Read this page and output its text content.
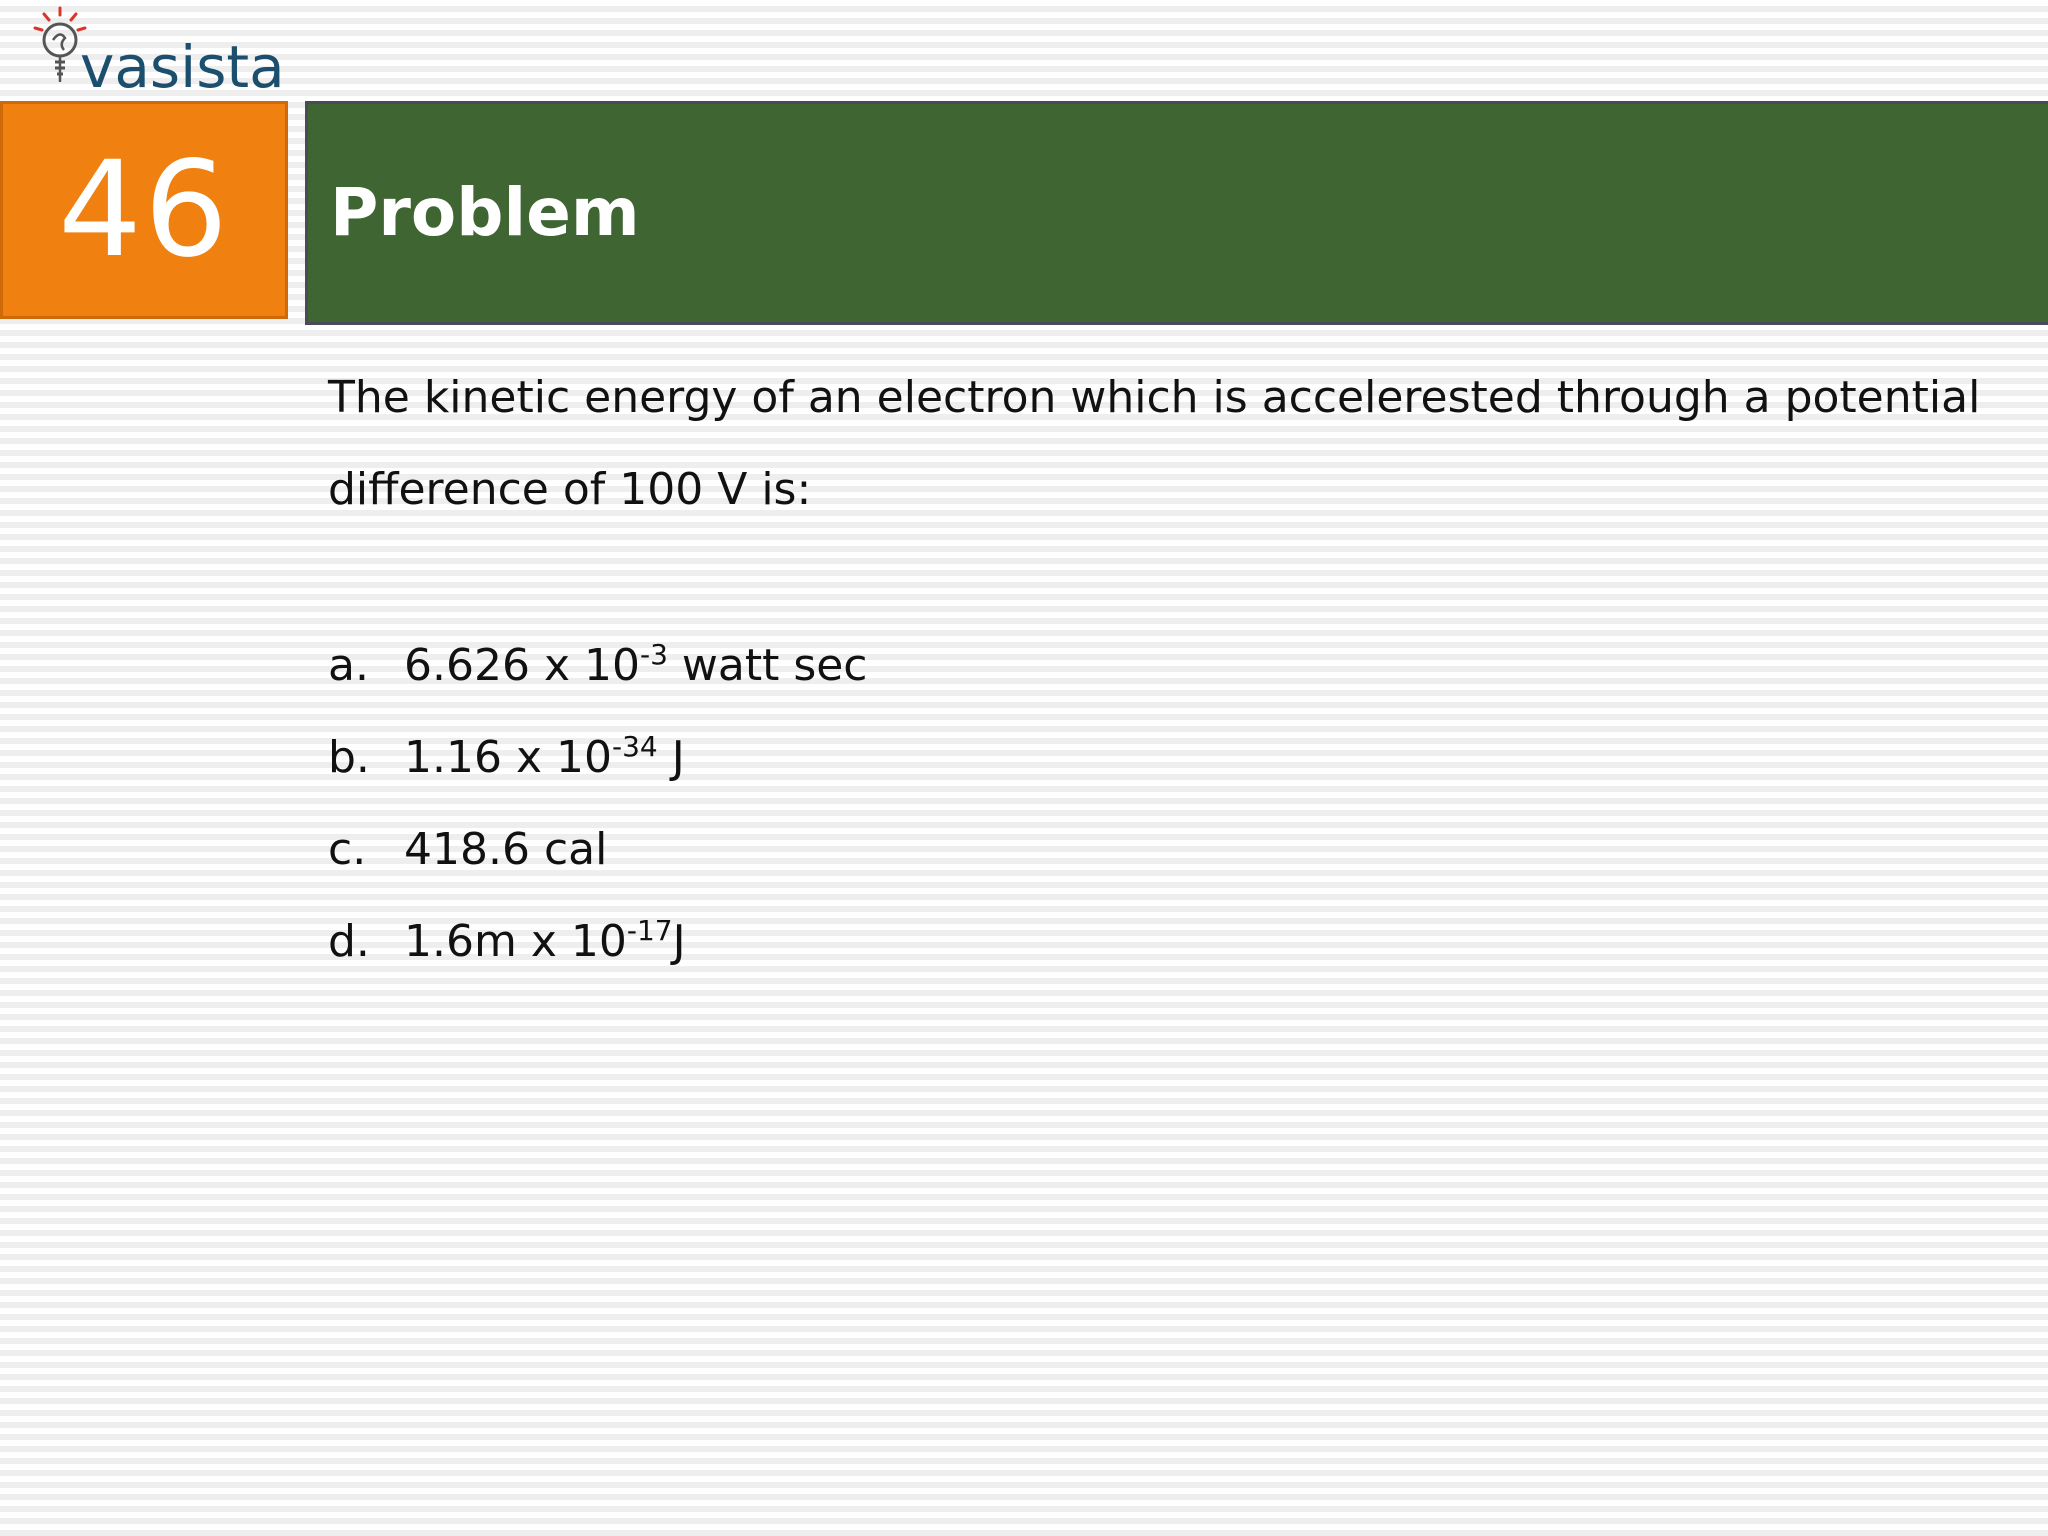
vasista
46 Problem

The kinetic energy of an electron which is accelerested through a potential difference of 100 V is:

a. 6.626 x $10^{-3}$ watt sec
b. 1.16 x $10^{-34}$ J
c. 418.6 cal
d. 1.6m x $10^{-17}J$
